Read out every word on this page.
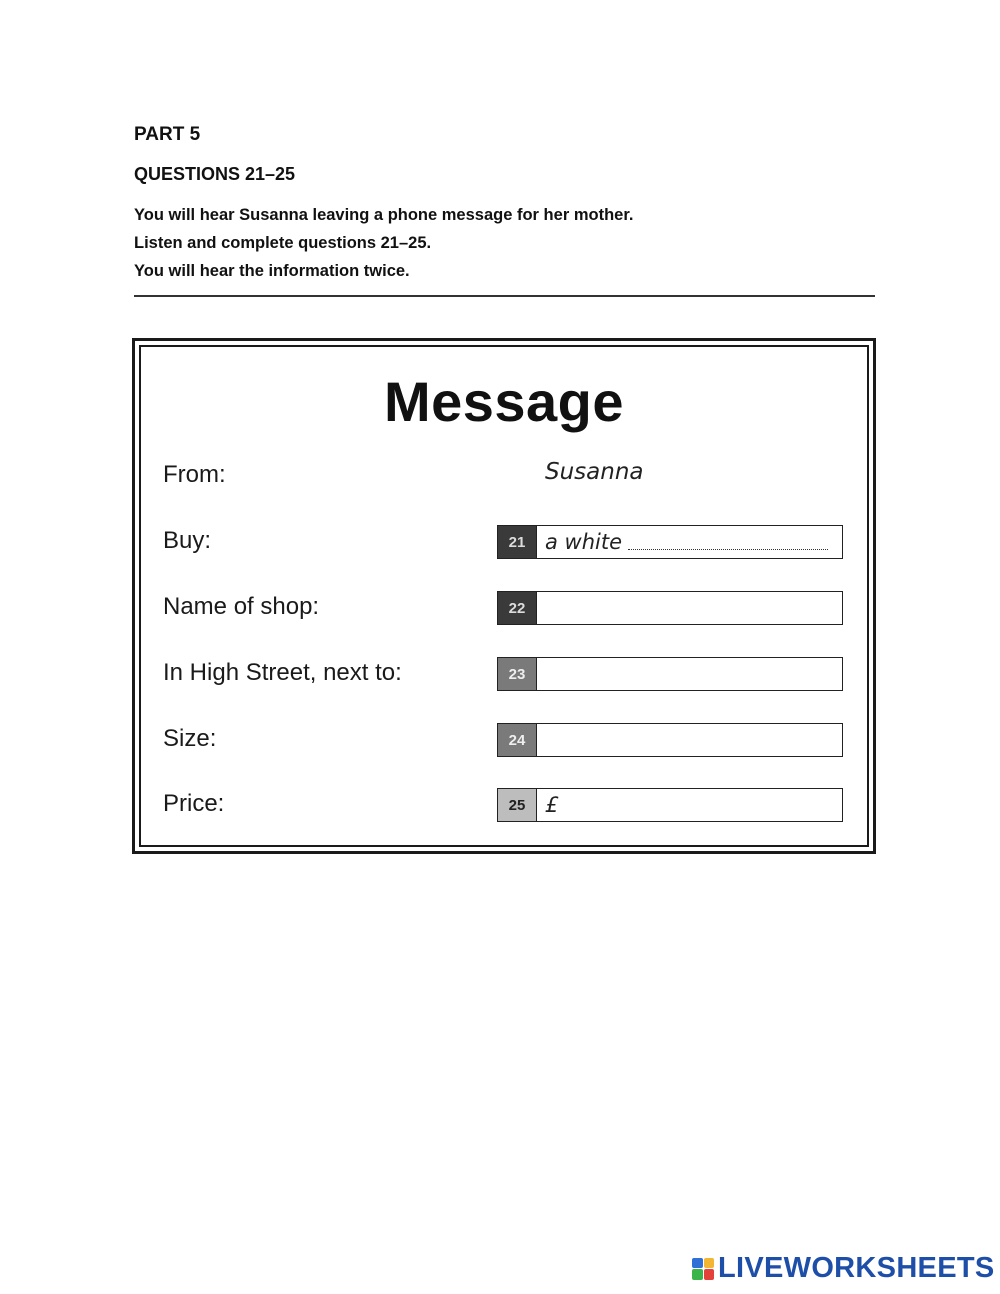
PART 5
QUESTIONS 21–25
You will hear Susanna leaving a phone message for her mother.
Listen and complete questions 21–25.
You will hear the information twice.
Message
From:	Susanna
Buy:	21 a white
Name of shop:	22
In High Street, next to:	23
Size:	24
Price:	25 £
LIVEWORKSHEETS
